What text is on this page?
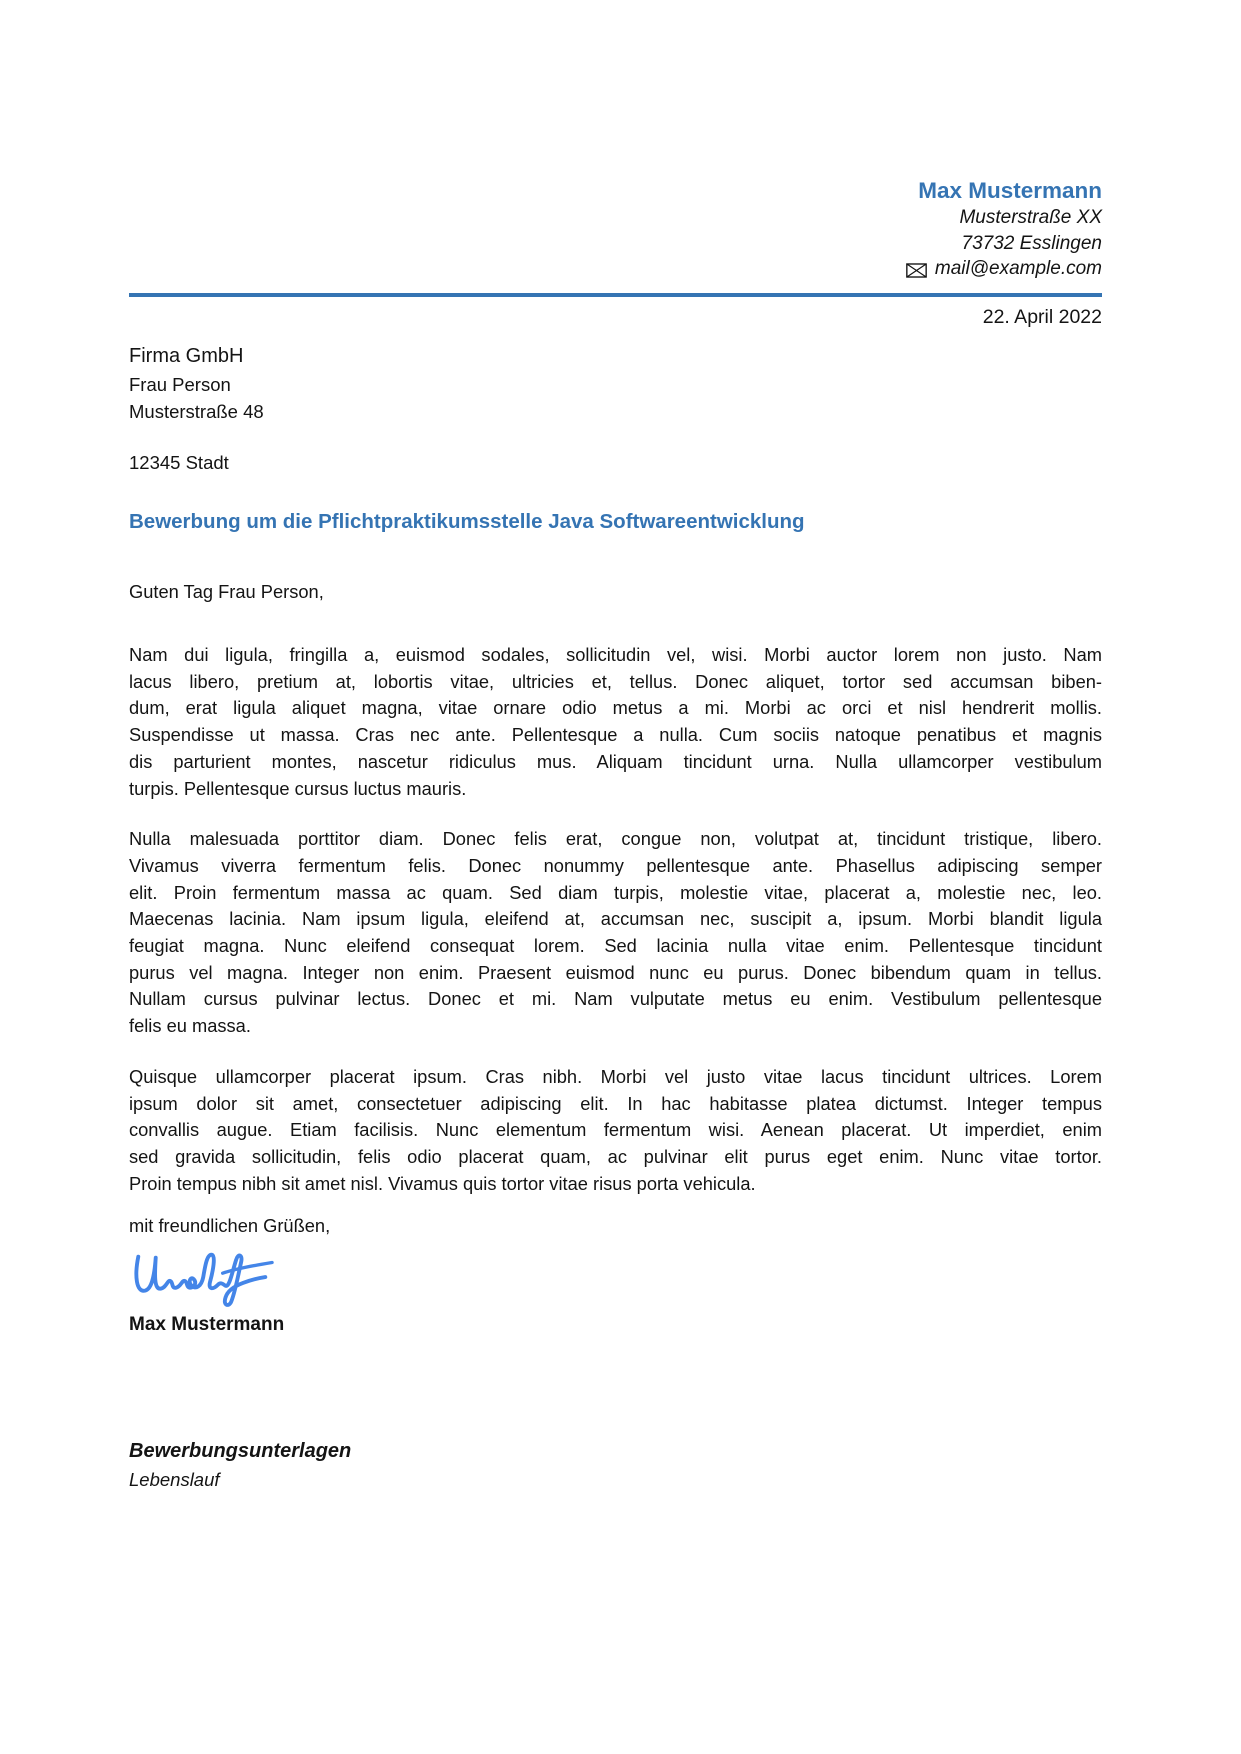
Max Mustermann
Musterstraße XX
73732 Esslingen
mail@example.com
22. April 2022
Firma GmbH
Frau Person
Musterstraße 48
12345 Stadt
Bewerbung um die Pflichtpraktikumsstelle Java Softwareentwicklung
Guten Tag Frau Person,
Nam dui ligula, fringilla a, euismod sodales, sollicitudin vel, wisi. Morbi auctor lorem non justo. Nam
lacus libero, pretium at, lobortis vitae, ultricies et, tellus. Donec aliquet, tortor sed accumsan biben-
dum, erat ligula aliquet magna, vitae ornare odio metus a mi. Morbi ac orci et nisl hendrerit mollis.
Suspendisse ut massa. Cras nec ante. Pellentesque a nulla. Cum sociis natoque penatibus et magnis
dis parturient montes, nascetur ridiculus mus. Aliquam tincidunt urna. Nulla ullamcorper vestibulum
turpis. Pellentesque cursus luctus mauris.
Nulla malesuada porttitor diam. Donec felis erat, congue non, volutpat at, tincidunt tristique, libero.
Vivamus viverra fermentum felis. Donec nonummy pellentesque ante. Phasellus adipiscing semper
elit. Proin fermentum massa ac quam. Sed diam turpis, molestie vitae, placerat a, molestie nec, leo.
Maecenas lacinia. Nam ipsum ligula, eleifend at, accumsan nec, suscipit a, ipsum. Morbi blandit ligula
feugiat magna. Nunc eleifend consequat lorem. Sed lacinia nulla vitae enim. Pellentesque tincidunt
purus vel magna. Integer non enim. Praesent euismod nunc eu purus. Donec bibendum quam in tellus.
Nullam cursus pulvinar lectus. Donec et mi. Nam vulputate metus eu enim. Vestibulum pellentesque
felis eu massa.
Quisque ullamcorper placerat ipsum. Cras nibh. Morbi vel justo vitae lacus tincidunt ultrices. Lorem
ipsum dolor sit amet, consectetuer adipiscing elit. In hac habitasse platea dictumst. Integer tempus
convallis augue. Etiam facilisis. Nunc elementum fermentum wisi. Aenean placerat. Ut imperdiet, enim
sed gravida sollicitudin, felis odio placerat quam, ac pulvinar elit purus eget enim. Nunc vitae tortor.
Proin tempus nibh sit amet nisl. Vivamus quis tortor vitae risus porta vehicula.
mit freundlichen Grüßen,
Max Mustermann
Bewerbungsunterlagen
Lebenslauf
